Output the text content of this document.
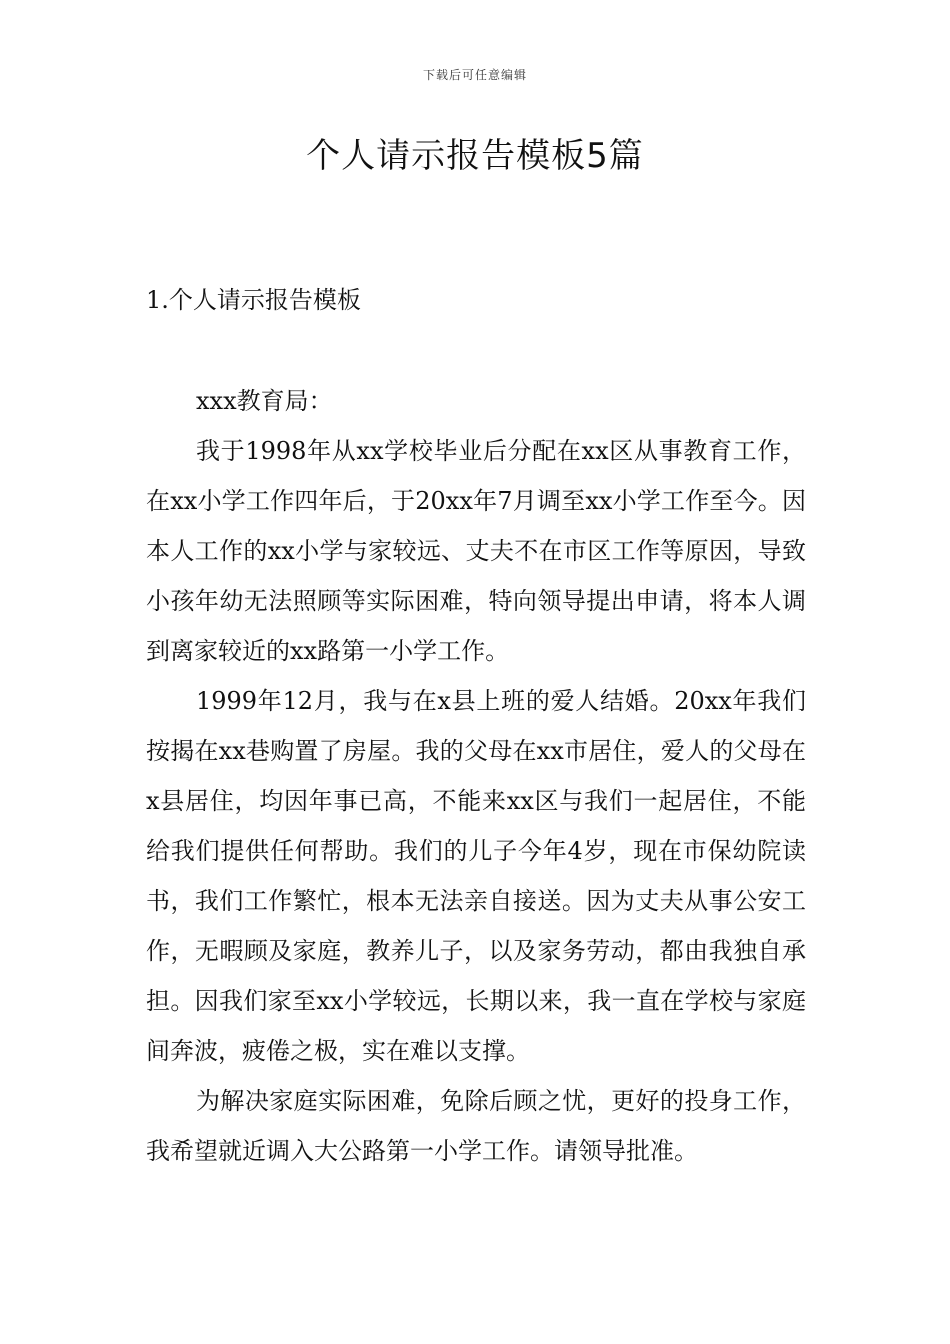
下载后可任意编辑
个人请示报告模板5篇
1.个人请示报告模板
xxx教育局：

我于1998年从xx学校毕业后分配在xx区从事教育工作，在xx小学工作四年后，于20xx年7月调至xx小学工作至今。因本人工作的xx小学与家较远、丈夫不在市区工作等原因，导致小孩年幼无法照顾等实际困难，特向领导提出申请，将本人调到离家较近的xx路第一小学工作。

1999年12月，我与在x县上班的爱人结婚。20xx年我们按揭在xx巷购置了房屋。我的父母在xx市居住，爱人的父母在x县居住，均因年事已高，不能来xx区与我们一起居住，不能给我们提供任何帮助。我们的儿子今年4岁，现在市保幼院读书，我们工作繁忙，根本无法亲自接送。因为丈夫从事公安工作，无暇顾及家庭，教养儿子，以及家务劳动，都由我独自承担。因我们家至xx小学较远，长期以来，我一直在学校与家庭间奔波，疲倦之极，实在难以支撑。

为解决家庭实际困难，免除后顾之忧，更好的投身工作，我希望就近调入大公路第一小学工作。请领导批准。
